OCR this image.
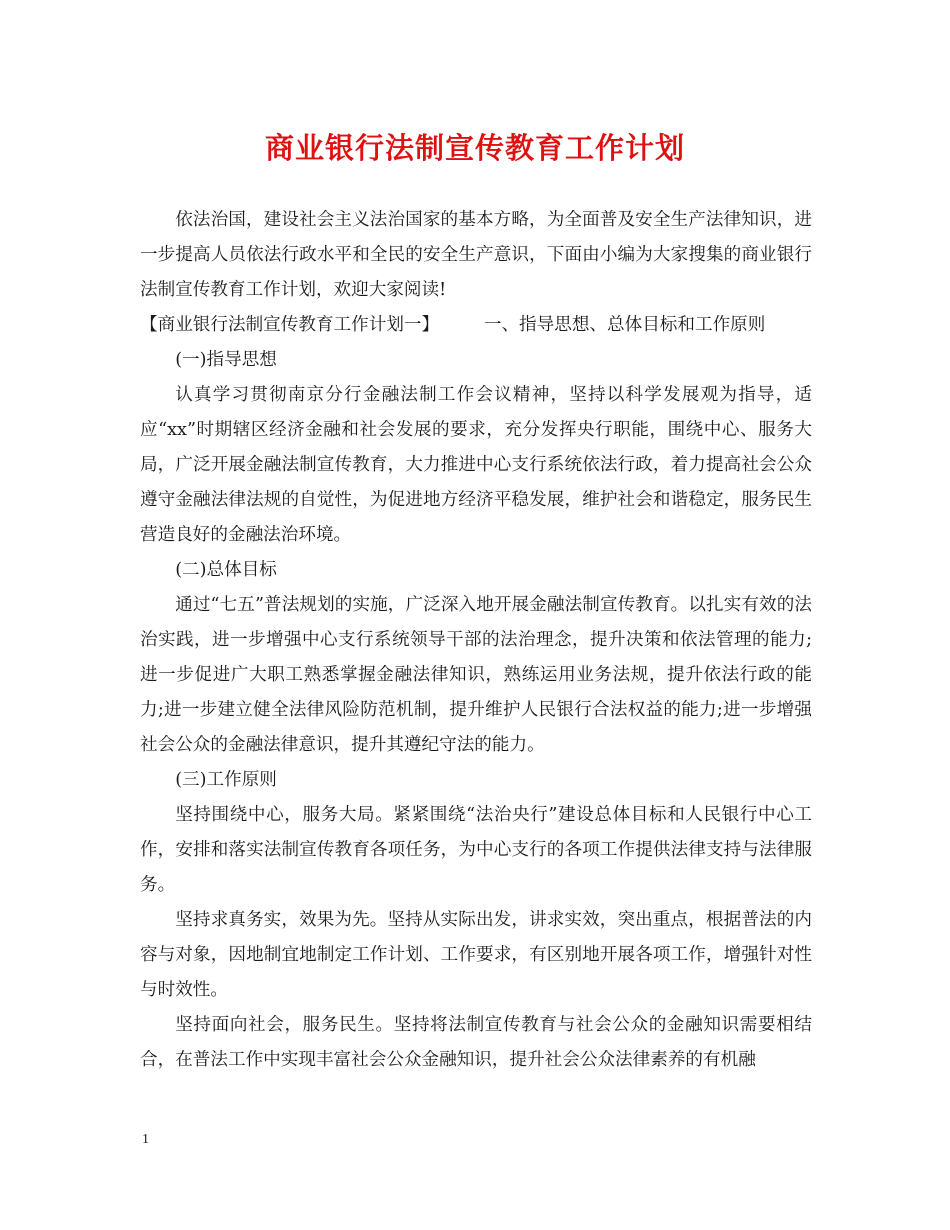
商业银行法制宣传教育工作计划

依法治国，建设社会主义法治国家的基本方略，为全面普及安全生产法律知识，进一步提高人员依法行政水平和全民的安全生产意识，下面由小编为大家搜集的商业银行法制宣传教育工作计划，欢迎大家阅读!

【商业银行法制宣传教育工作计划一】	一、指导思想、总体目标和工作原则

(一)指导思想

认真学习贯彻南京分行金融法制工作会议精神，坚持以科学发展观为指导，适应“xx”时期辖区经济金融和社会发展的要求，充分发挥央行职能，围绕中心、服务大局，广泛开展金融法制宣传教育，大力推进中心支行系统依法行政，着力提高社会公众遵守金融法律法规的自觉性，为促进地方经济平稳发展，维护社会和谐稳定，服务民生营造良好的金融法治环境。

(二)总体目标

通过“七五”普法规划的实施，广泛深入地开展金融法制宣传教育。以扎实有效的法治实践，进一步增强中心支行系统领导干部的法治理念，提升决策和依法管理的能力;进一步促进广大职工熟悉掌握金融法律知识，熟练运用业务法规，提升依法行政的能力;进一步建立健全法律风险防范机制，提升维护人民银行合法权益的能力;进一步增强社会公众的金融法律意识，提升其遵纪守法的能力。

(三)工作原则

坚持围绕中心，服务大局。紧紧围绕“法治央行”建设总体目标和人民银行中心工作，安排和落实法制宣传教育各项任务，为中心支行的各项工作提供法律支持与法律服务。

坚持求真务实，效果为先。坚持从实际出发，讲求实效，突出重点，根据普法的内容与对象，因地制宜地制定工作计划、工作要求，有区别地开展各项工作，增强针对性与时效性。

坚持面向社会，服务民生。坚持将法制宣传教育与社会公众的金融知识需要相结合，在普法工作中实现丰富社会公众金融知识，提升社会公众法律素养的有机融

1
